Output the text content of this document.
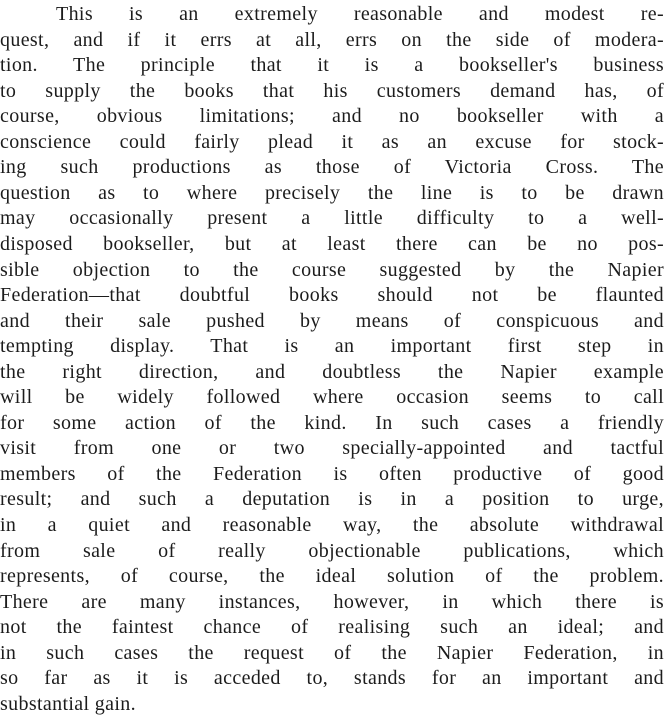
This is an extremely reasonable and modest re-
quest, and if it errs at all, errs on the side of modera-
tion. The principle that it is a bookseller's business
to supply the books that his customers demand has, of
course, obvious limitations; and no bookseller with a
conscience could fairly plead it as an excuse for stock-
ing such productions as those of Victoria Cross. The
question as to where precisely the line is to be drawn
may occasionally present a little difficulty to a well-
disposed bookseller, but at least there can be no pos-
sible objection to the course suggested by the Napier
Federation—that doubtful books should not be flaunted
and their sale pushed by means of conspicuous and
tempting display. That is an important first step in
the right direction, and doubtless the Napier example
will be widely followed where occasion seems to call
for some action of the kind. In such cases a friendly
visit from one or two specially-appointed and tactful
members of the Federation is often productive of good
result; and such a deputation is in a position to urge,
in a quiet and reasonable way, the absolute withdrawal
from sale of really objectionable publications, which
represents, of course, the ideal solution of the problem.
There are many instances, however, in which there is
not the faintest chance of realising such an ideal; and
in such cases the request of the Napier Federation, in
so far as it is acceded to, stands for an important and
substantial gain.
